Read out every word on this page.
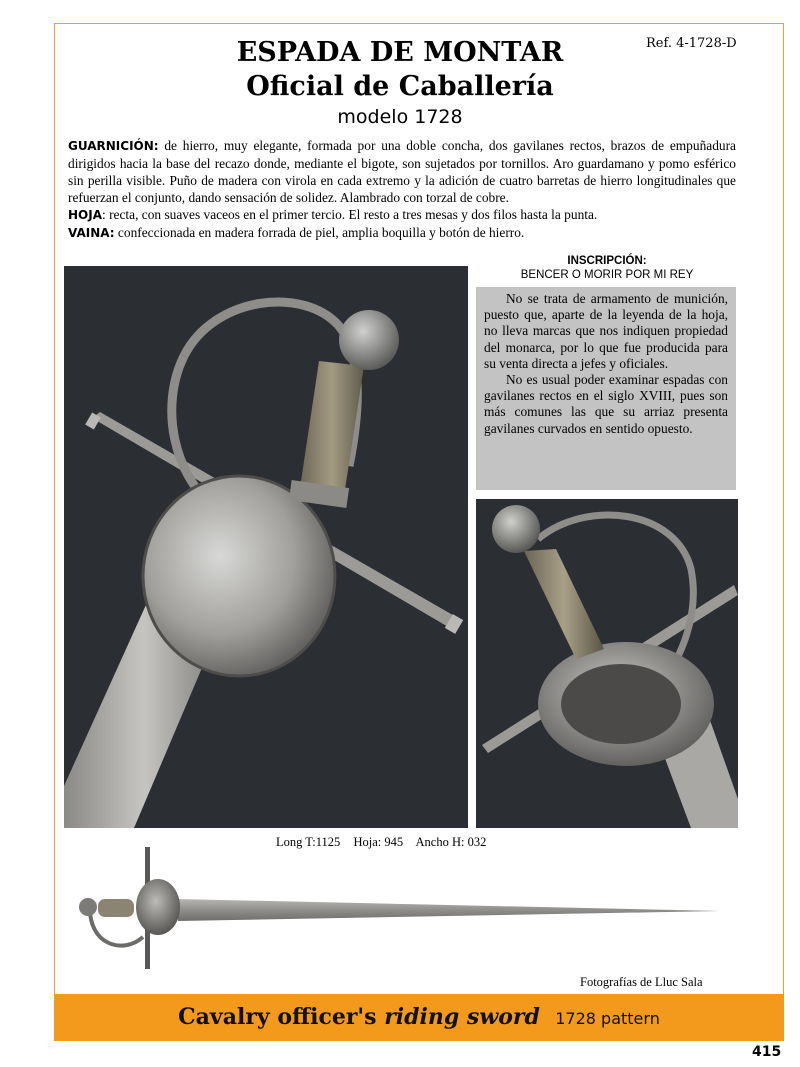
Ref. 4-1728-D
ESPADA DE MONTAR
Oficial de Caballería
modelo 1728

GUARNICIÓN: de hierro, muy elegante, formada por una doble concha, dos gavilanes rectos, brazos de empuñadura dirigidos hacia la base del recazo donde, mediante el bigote, son sujetados por tornillos. Aro guardamano y pomo esférico sin perilla visible. Puño de madera con virola en cada extremo y la adición de cuatro barretas de hierro longitudinales que refuerzan el conjunto, dando sensación de solidez. Alambrado con torzal de cobre.

HOJA: recta, con suaves vaceos en el primer tercio. El resto a tres mesas y dos filos hasta la punta.

VAINA: confeccionada en madera forrada de piel, amplia boquilla y botón de hierro.

INSCRIPCIÓN:
BENCER O MORIR POR MI REY

No se trata de armamento de munición, puesto que, aparte de la leyenda de la hoja, no lleva marcas que nos indiquen propiedad del monarca, por lo que fue producida para su venta directa a jefes y oficiales.

No es usual poder examinar espadas con gavilanes rectos en el siglo XVIII, pues son más comunes las que su arriaz presenta gavilanes curvados en sentido opuesto.

Long T:1125 Hoja: 945 Ancho H: 032
Fotografías de Lluc Sala
Cavalry officer's riding sword 1728 pattern
415
